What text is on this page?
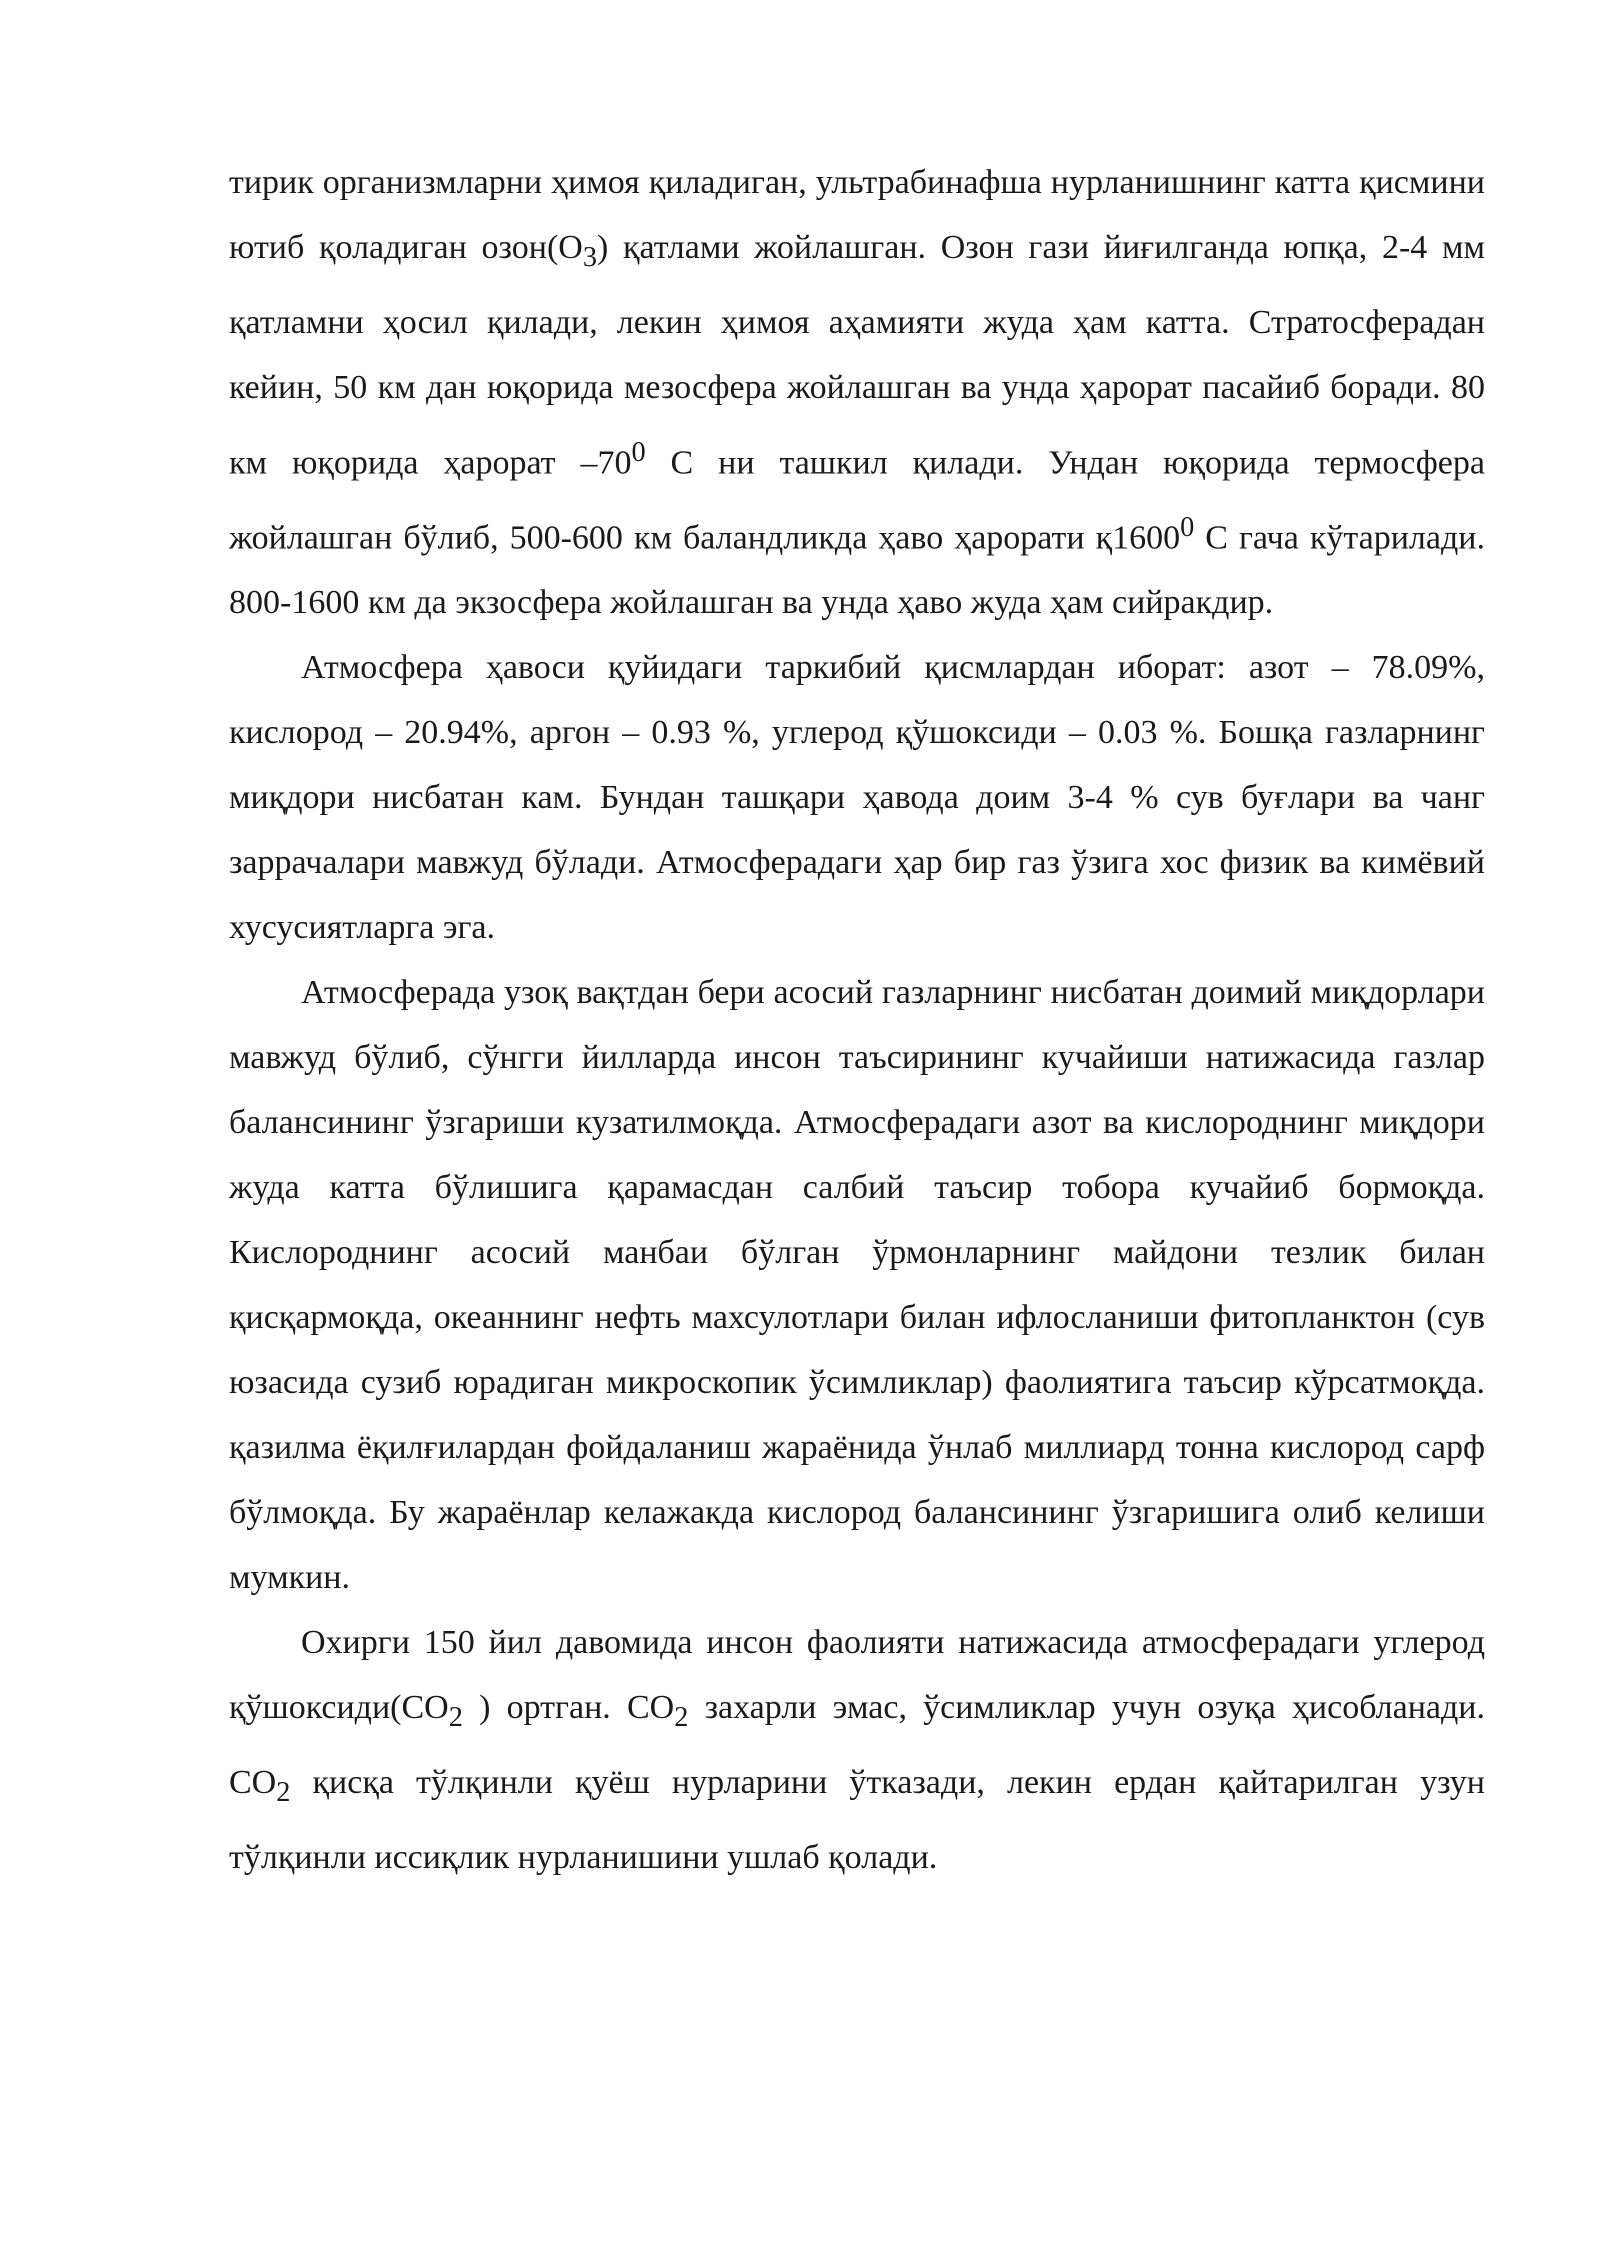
тирик организмларни ҳимоя қиладиган, ультрабинафша нурланишнинг катта қисмини ютиб қоладиган $озон(O_3)$ қатлами жойлашган. Озон гази йиғилганда юпқа, 2-4 мм қатламни ҳосил қилади, лекин ҳимоя аҳамияти жуда ҳам катта. Стратосферадан кейин, 50 км дан юқорида мезосфера жойлашган ва унда ҳарорат пасайиб боради. 80 км юқорида ҳарорат $-70^0$ С ни ташкил қилади. Ундан юқорида термосфера жойлашган бўлиб, 500-600 км баландликда ҳаво ҳарорати қ1600$^0$ С гача кўтарилади. 800-1600 км да экзосфера жойлашган ва унда ҳаво жуда ҳам сийракдир.

Атмосфера ҳавоси қуйидаги таркибий қисмлардан иборат: азот – 78.09%, кислород – 20.94%, аргон – 0.93 %, углерод қўшоксиди – 0.03 %. Бошқа газларнинг миқдори нисбатан кам. Бундан ташқари ҳавода доим 3-4 % сув буғлари ва чанг заррачалари мавжуд бўлади. Атмосферадаги ҳар бир газ ўзига хос физик ва кимёвий хусусиятларга эга.

Атмосферада узоқ вақтдан бери асосий газларнинг нисбатан доимий миқдорлари мавжуд бўлиб, сўнгги йилларда инсон таъсирининг кучайиши натижасида газлар балансининг ўзгариши кузатилмоқда. Атмосферадаги азот ва кислороднинг миқдори жуда катта бўлишига қарамасдан салбий таъсир тобора кучайиб бормоқда. Кислороднинг асосий манбаи бўлган ўрмонларнинг майдони тезлик билан қисқармоқда, океаннинг нефть махсулотлари билан ифлосланиши фитопланктон (сув юзасида сузиб юрадиган микроскопик ўсимликлар) фаолиятига таъсир кўрсатмоқда. қазилма ёқилғилардан фойдаланиш жараёнида ўнлаб миллиард тонна кислород сарф бўлмоқда. Бу жараёнлар келажакда кислород балансининг ўзгаришига олиб келиши мумкин.

Охирги 150 йил давомида инсон фаолияти натижасида атмосферадаги углерод $қўшоксиди(СО_2$ ) ортган. $СО_2$ захарли эмас, ўсимликлар учун озуқа ҳисобланади. $СО_2$ қисқа тўлқинли қуёш нурларини ўтказади, лекин ердан қайтарилган узун тўлқинли иссиқлик нурланишини ушлаб қолади.
